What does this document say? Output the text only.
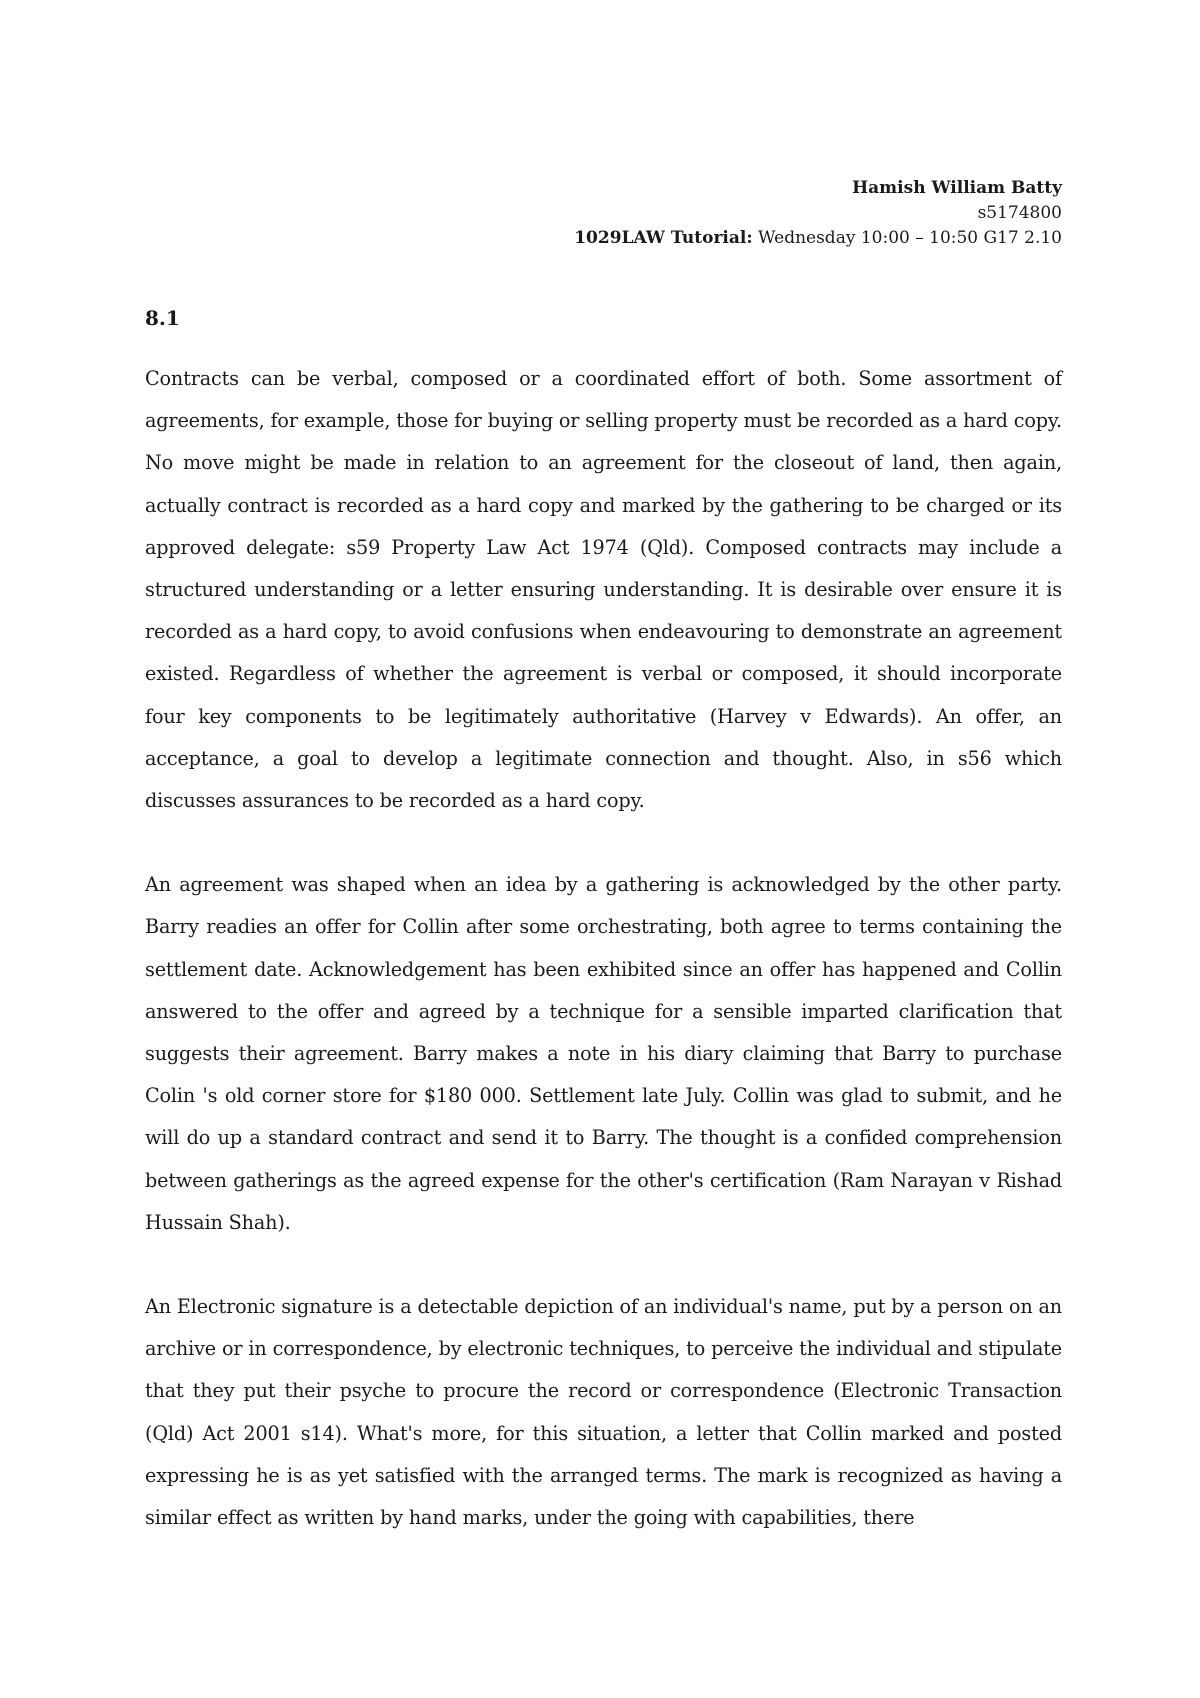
Hamish William Batty
s5174800
1029LAW Tutorial: Wednesday 10:00 – 10:50 G17 2.10
8.1

Contracts can be verbal, composed or a coordinated effort of both. Some assortment of agreements, for example, those for buying or selling property must be recorded as a hard copy. No move might be made in relation to an agreement for the closeout of land, then again, actually contract is recorded as a hard copy and marked by the gathering to be charged or its approved delegate: s59 Property Law Act 1974 (Qld). Composed contracts may include a structured understanding or a letter ensuring understanding. It is desirable over ensure it is recorded as a hard copy, to avoid confusions when endeavouring to demonstrate an agreement existed. Regardless of whether the agreement is verbal or composed, it should incorporate four key components to be legitimately authoritative (Harvey v Edwards). An offer, an acceptance, a goal to develop a legitimate connection and thought. Also, in s56 which discusses assurances to be recorded as a hard copy.

An agreement was shaped when an idea by a gathering is acknowledged by the other party. Barry readies an offer for Collin after some orchestrating, both agree to terms containing the settlement date. Acknowledgement has been exhibited since an offer has happened and Collin answered to the offer and agreed by a technique for a sensible imparted clarification that suggests their agreement. Barry makes a note in his diary claiming that Barry to purchase Colin 's old corner store for $180 000. Settlement late July. Collin was glad to submit, and he will do up a standard contract and send it to Barry. The thought is a confided comprehension between gatherings as the agreed expense for the other's certification (Ram Narayan v Rishad Hussain Shah).

An Electronic signature is a detectable depiction of an individual's name, put by a person on an archive or in correspondence, by electronic techniques, to perceive the individual and stipulate that they put their psyche to procure the record or correspondence (Electronic Transaction (Qld) Act 2001 s14). What's more, for this situation, a letter that Collin marked and posted expressing he is as yet satisfied with the arranged terms. The mark is recognized as having a similar effect as written by hand marks, under the going with capabilities, there
